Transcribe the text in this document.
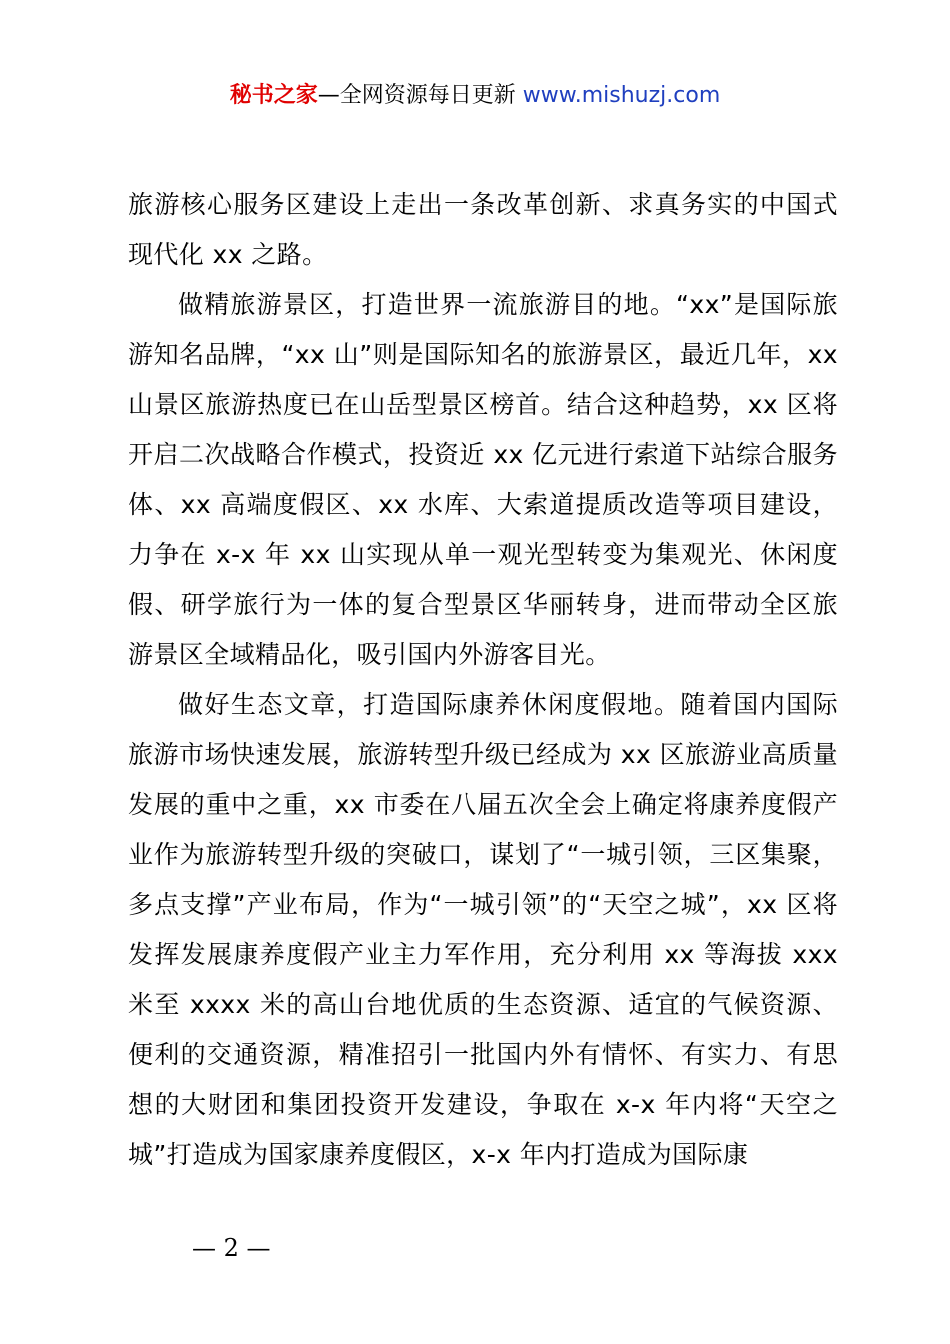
秘书之家—全网资源每日更新 www.mishuzj.com

旅游核心服务区建设上走出一条改革创新、求真务实的中国式现代化 xx 之路。

做精旅游景区，打造世界一流旅游目的地。“xx”是国际旅游知名品牌，“xx 山”则是国际知名的旅游景区，最近几年，xx 山景区旅游热度已在山岳型景区榜首。结合这种趋势，xx 区将开启二次战略合作模式，投资近 xx 亿元进行索道下站综合服务体、xx 高端度假区、xx 水库、大索道提质改造等项目建设，力争在 x-x 年 xx 山实现从单一观光型转变为集观光、休闲度假、研学旅行为一体的复合型景区华丽转身，进而带动全区旅游景区全域精品化，吸引国内外游客目光。

做好生态文章，打造国际康养休闲度假地。随着国内国际旅游市场快速发展，旅游转型升级已经成为 xx 区旅游业高质量发展的重中之重，xx 市委在八届五次全会上确定将康养度假产业作为旅游转型升级的突破口，谋划了“一城引领，三区集聚，多点支撑”产业布局，作为“一城引领”的“天空之城”，xx 区将发挥发展康养度假产业主力军作用，充分利用 xx 等海拔 xxx 米至 xxxx 米的高山台地优质的生态资源、适宜的气候资源、便利的交通资源，精准招引一批国内外有情怀、有实力、有思想的大财团和集团投资开发建设，争取在 x-x 年内将“天空之城”打造成为国家康养度假区，x-x 年内打造成为国际康

— 2 —
